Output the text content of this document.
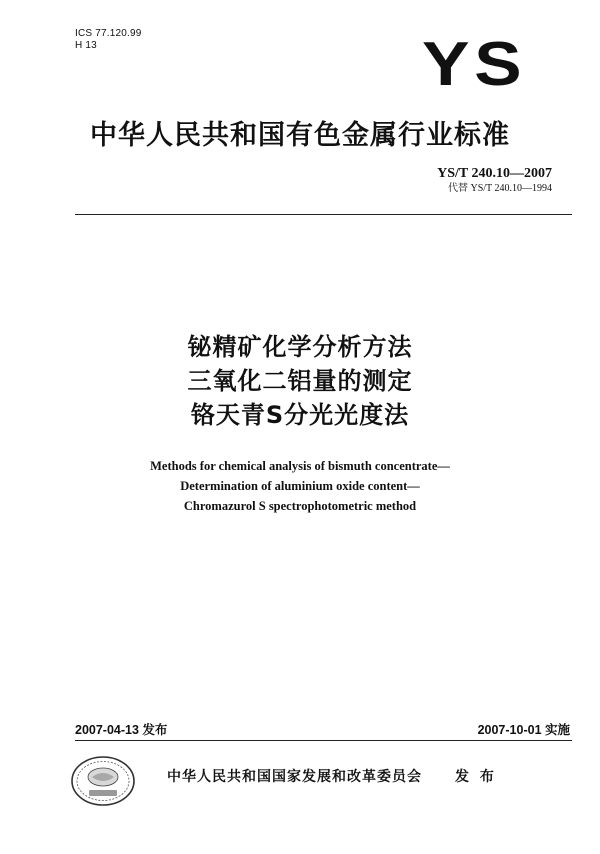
ICS 77.120.99
H 13	YS
中华人民共和国有色金属行业标准
YS/T 240.10—2007
代替 YS/T 240.10—1994
铋精矿化学分析方法
三氧化二铝量的测定
铬天青S分光光度法
Methods for chemical analysis of bismuth concentrate—
Determination of aluminium oxide content—
Chromazurol S spectrophotometric method
2007-04-13 发布	2007-10-01 实施
中华人民共和国国家发展和改革委员会 发 布
